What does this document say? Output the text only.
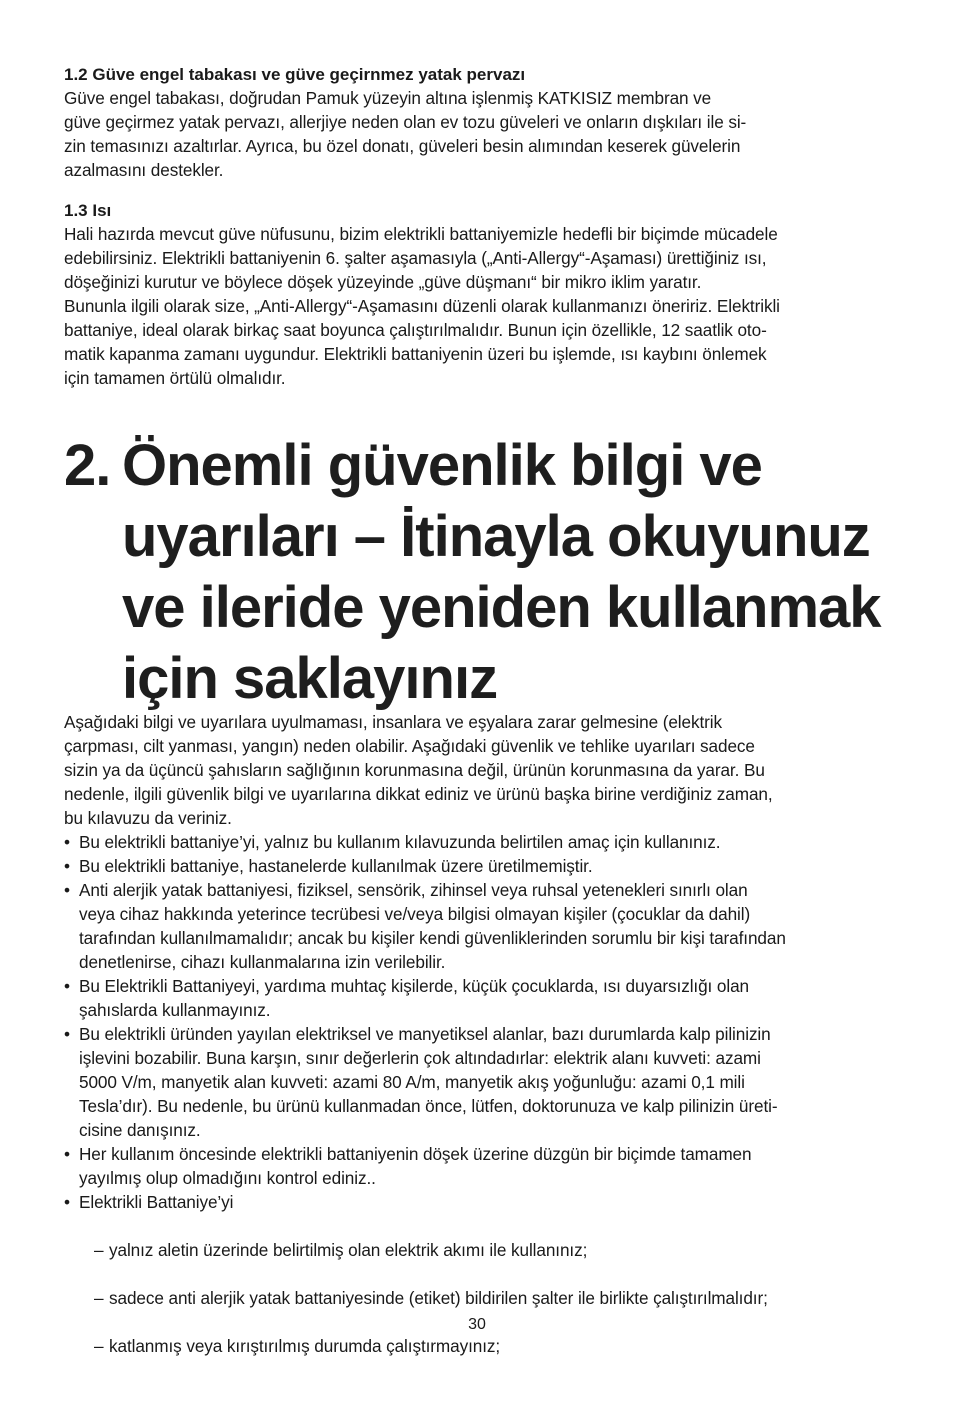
1.2 Güve engel tabakası ve güve geçirnmez yatak pervazı

Güve engel tabakası, doğrudan Pamuk yüzeyin altına işlenmiş KATKISIZ membran ve
güve geçirmez yatak pervazı, allerjiye neden olan ev tozu güveleri ve onların dışkıları ile si-
zin temasınızı azaltırlar. Ayrıca, bu özel donatı, güveleri besin alımından keserek güvelerin
azalmasını destekler.

1.3 Isı

Hali hazırda mevcut güve nüfusunu, bizim elektrikli battaniyemizle hedefli bir biçimde mücadele
edebilirsiniz. Elektrikli battaniyenin 6. şalter aşamasıyla („Anti-Allergy“-Aşaması) ürettiğiniz ısı,
döşeğinizi kurutur ve böylece döşek yüzeyinde „güve düşmanı“ bir mikro iklim yaratır.
Bununla ilgili olarak size, „Anti-Allergy“-Aşamasını düzenli olarak kullanmanızı öneririz. Elektrikli
battaniye, ideal olarak birkaç saat boyunca çalıştırılmalıdır. Bunun için özellikle, 12 saatlik oto-
matik kapanma zamanı uygundur. Elektrikli battaniyenin üzeri bu işlemde, ısı kaybını önlemek
için tamamen örtülü olmalıdır.

2. Önemli güvenlik bilgi ve
uyarıları – İtinayla okuyunuz
ve ileride yeniden kullanmak
için saklayınız

Aşağıdaki bilgi ve uyarılara uyulmaması, insanlara ve eşyalara zarar gelmesine (elektrik
çarpması, cilt yanması, yangın) neden olabilir. Aşağıdaki güvenlik ve tehlike uyarıları sadece
sizin ya da üçüncü şahısların sağlığının korunmasına değil, ürünün korunmasına da yarar. Bu
nedenle, ilgili güvenlik bilgi ve uyarılarına dikkat ediniz ve ürünü başka birine verdiğiniz zaman,
bu kılavuzu da veriniz.

• Bu elektrikli battaniye’yi, yalnız bu kullanım kılavuzunda belirtilen amaç için kullanınız.
• Bu elektrikli battaniye, hastanelerde kullanılmak üzere üretilmemiştir.
• Anti alerjik yatak battaniyesi, fiziksel, sensörik, zihinsel veya ruhsal yetenekleri sınırlı olan
veya cihaz hakkında yeterince tecrübesi ve/veya bilgisi olmayan kişiler (çocuklar da dahil)
tarafından kullanılmamalıdır; ancak bu kişiler kendi güvenliklerinden sorumlu bir kişi tarafından
denetlenirse, cihazı kullanmalarına izin verilebilir.
• Bu Elektrikli Battaniyeyi, yardıma muhtaç kişilerde, küçük çocuklarda, ısı duyarsızlığı olan
şahıslarda kullanmayınız.
• Bu elektrikli üründen yayılan elektriksel ve manyetiksel alanlar, bazı durumlarda kalp pilinizin
işlevini bozabilir. Buna karşın, sınır değerlerin çok altındadırlar: elektrik alanı kuvveti: azami
5000 V/m, manyetik alan kuvveti: azami 80 A/m, manyetik akış yoğunluğu: azami 0,1 mili
Tesla’dır). Bu nedenle, bu ürünü kullanmadan önce, lütfen, doktorunuza ve kalp pilinizin üreti-
cisine danışınız.
• Her kullanım öncesinde elektrikli battaniyenin döşek üzerine düzgün bir biçimde tamamen
yayılmış olup olmadığını kontrol ediniz..
• Elektrikli Battaniye’yi

– yalnız aletin üzerinde belirtilmiş olan elektrik akımı ile kullanınız;

– sadece anti alerjik yatak battaniyesinde (etiket) bildirilen şalter ile birlikte çalıştırılmalıdır;

– katlanmış veya kırıştırılmış durumda çalıştırmayınız;

30
